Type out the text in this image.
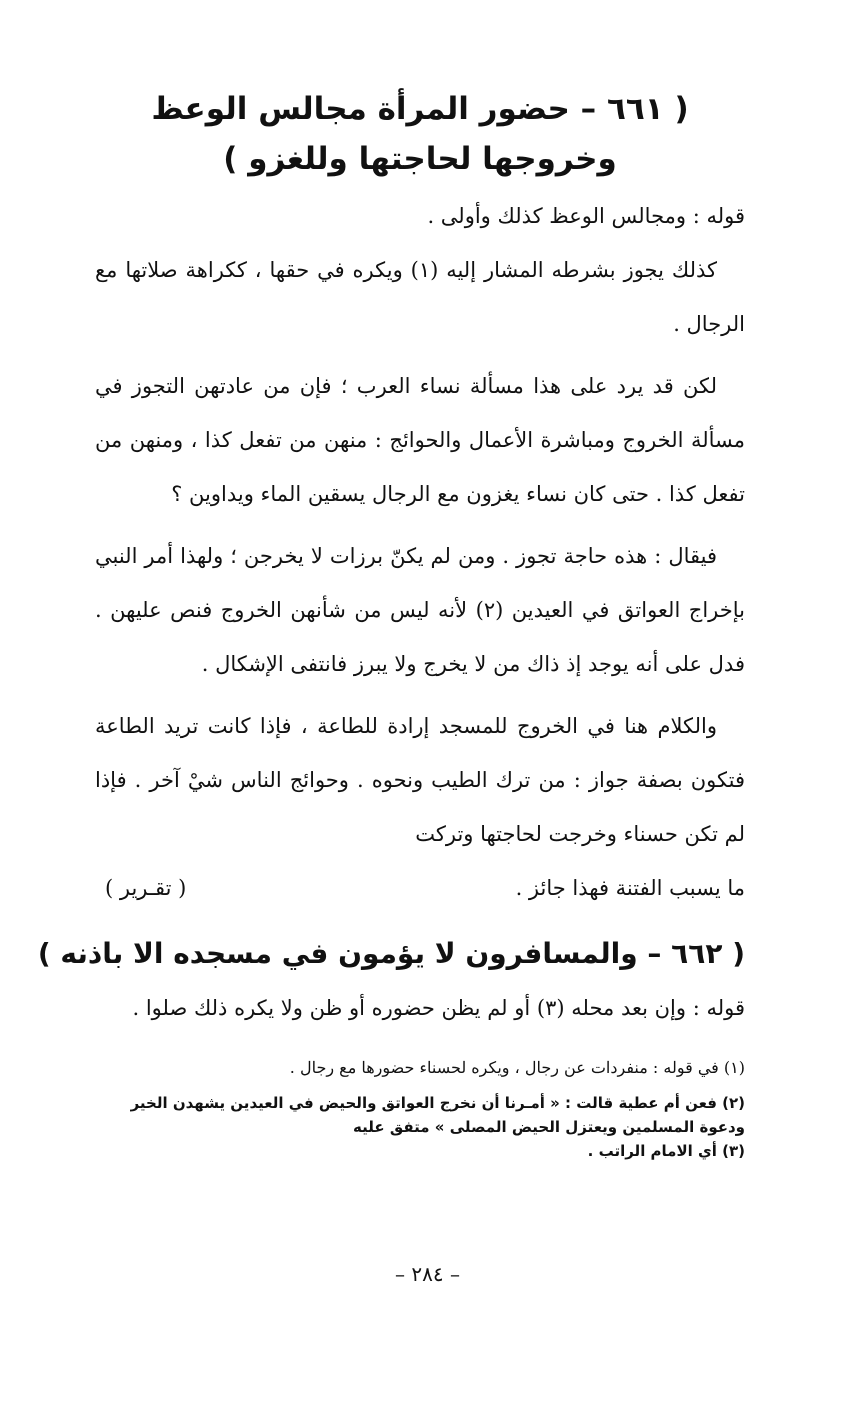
( ٦٦١ – حضور المرأة مجالس الوعظ
وخروجها لحاجتها وللغزو )

قوله : ومجالس الوعظ كذلك وأولى .

كذلك يجوز بشرطه المشار إليه (١) ويكره في حقها ، ككراهة صلاتها مع الرجال .

لكن قد يرد على هذا مسألة نساء العرب ؛ فإن من عادتهن التجوز في مسألة الخروج ومباشرة الأعمال والحوائج : منهن من تفعل كذا ، ومنهن من تفعل كذا . حتى كان نساء يغزون مع الرجال يسقين الماء ويداوين ؟

فيقال : هذه حاجة تجوز . ومن لم يكنّ برزات لا يخرجن ؛ ولهذا أمر النبي بإخراج العواتق في العيدين (٢) لأنه ليس من شأنهن الخروج فنص عليهن . فدل على أنه يوجد إذ ذاك من لا يخرج ولا يبرز فانتفى الإشكال .

والكلام هنا في الخروج للمسجد إرادة للطاعة ، فإذا كانت تريد الطاعة فتكون بصفة جواز : من ترك الطيب ونحوه . وحوائج الناس شيْ آخر . فإذا لم تكن حسناء وخرجت لحاجتها وتركت

ما يسبب الفتنة فهذا جائز .
( تقـرير )
( ٦٦٢ – والمسافرون لا يؤمون في مسجده الا باذنه )

قوله : وإن بعد محله (٣) أو لم يظن حضوره أو ظن ولا يكره ذلك صلوا .

(١) في قوله : منفردات عن رجال ، ويكره لحسناء حضورها مع رجال .

(٢) فعن أم عطية قالت : « أمـرنا أن نخرج العواتق والحيض في العيدين يشهدن الخير ودعوة المسلمين ويعتزل الحيض المصلى » متفق عليه

(٣) أي الامام الراتب .

– ٢٨٤ –
